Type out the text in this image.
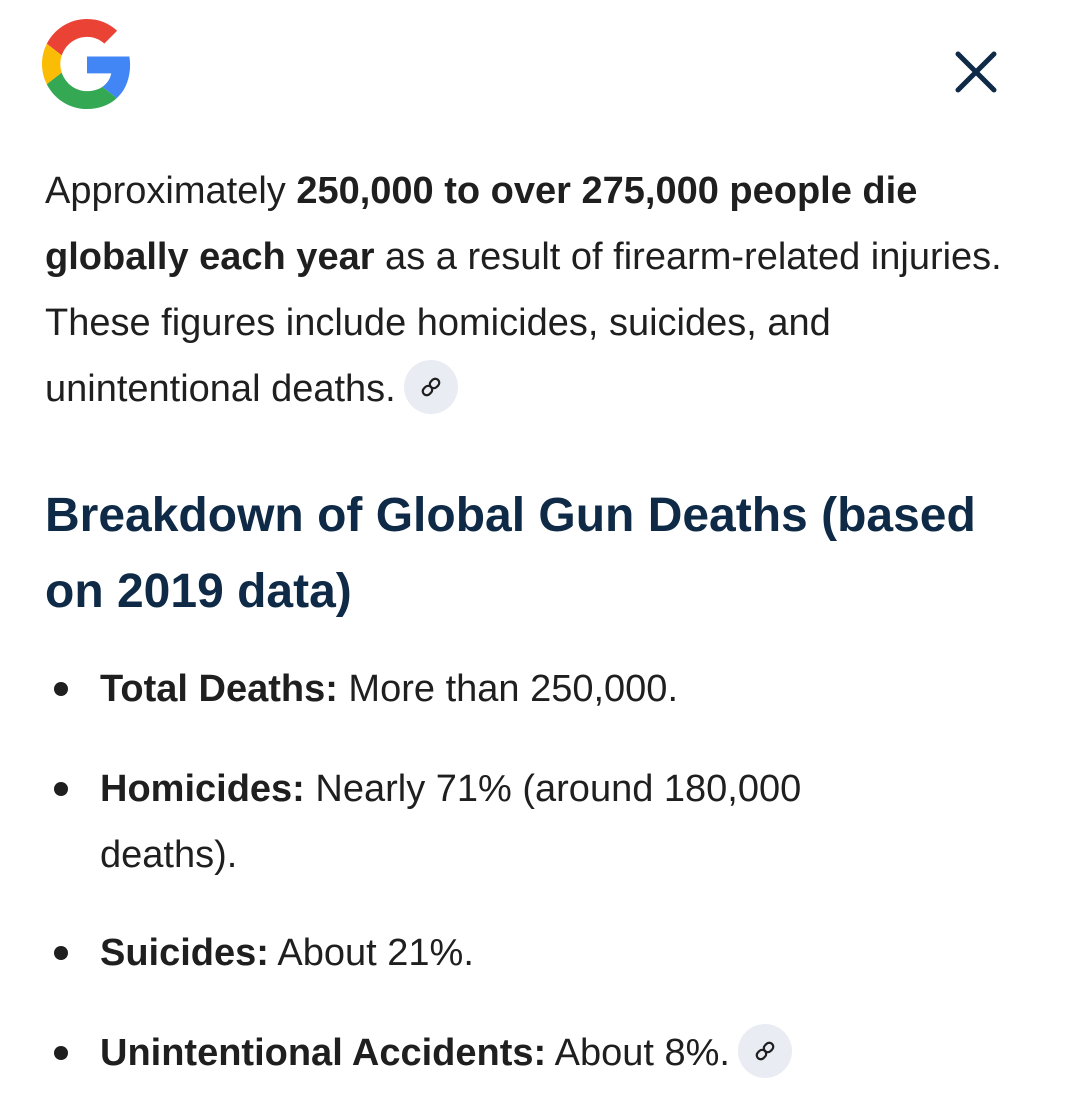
Approximately 250,000 to over 275,000 people die globally each year as a result of firearm-related injuries. These figures include homicides, suicides, and unintentional deaths.

Breakdown of Global Gun Deaths (based on 2019 data)
Total Deaths: More than 250,000.
Homicides: Nearly 71% (around 180,000 deaths).
Suicides: About 21%.
Unintentional Accidents: About 8%.
